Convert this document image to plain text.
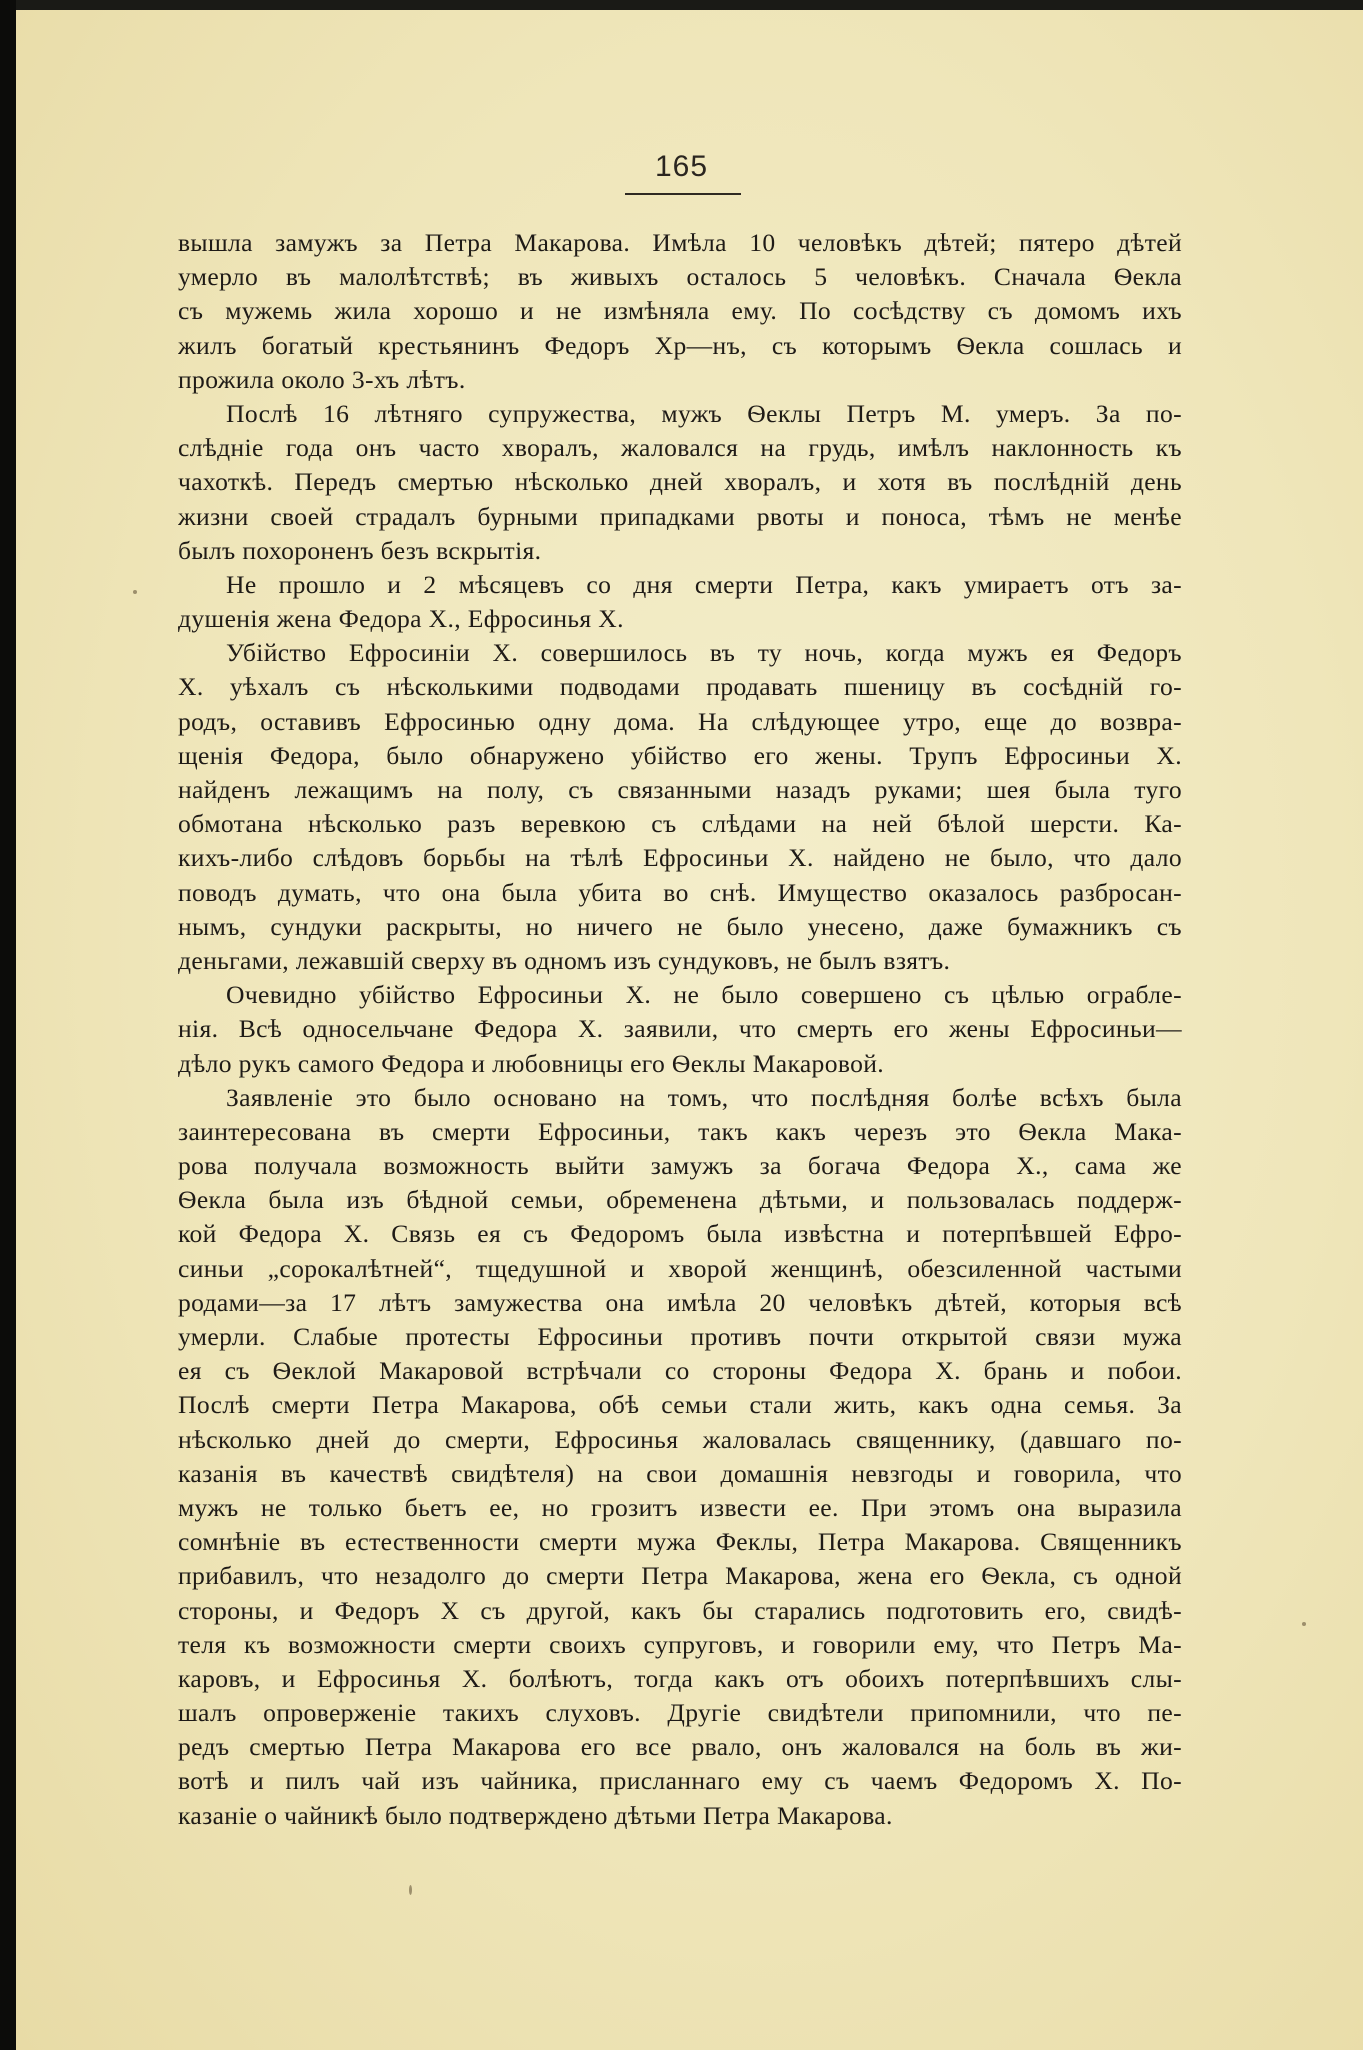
165
вышла замужъ за Петра Макарова. Имѣла 10 человѣкъ дѣтей; пятеро дѣтей
умерло въ малолѣтствѣ; въ живыхъ осталось 5 человѣкъ. Сначала Ѳекла
съ мужемь жила хорошо и не измѣняла ему. По сосѣдству съ домомъ ихъ
жилъ богатый крестьянинъ Федоръ Хр—нъ, съ которымъ Ѳекла сошлась и
прожила около 3-хъ лѣтъ.
Послѣ 16 лѣтняго супружества, мужъ Ѳеклы Петръ М. умеръ. За по-
слѣдніе года онъ часто хворалъ, жаловался на грудь, имѣлъ наклонность къ
чахоткѣ. Передъ смертью нѣсколько дней хворалъ, и хотя въ послѣдній день
жизни своей страдалъ бурными припадками рвоты и поноса, тѣмъ не менѣе
былъ похороненъ безъ вскрытія.
Не прошло и 2 мѣсяцевъ со дня смерти Петра, какъ умираетъ отъ за-
душенія жена Федора Х., Ефросинья Х.
Убійство Ефросиніи Х. совершилось въ ту ночь, когда мужъ ея Федоръ
Х. уѣхалъ съ нѣсколькими подводами продавать пшеницу въ сосѣдній го-
родъ, оставивъ Ефросинью одну дома. На слѣдующее утро, еще до возвра-
щенія Федора, было обнаружено убійство его жены. Трупъ Ефросиньи Х.
найденъ лежащимъ на полу, съ связанными назадъ руками; шея была туго
обмотана нѣсколько разъ веревкою съ слѣдами на ней бѣлой шерсти. Ка-
кихъ-либо слѣдовъ борьбы на тѣлѣ Ефросиньи Х. найдено не было, что дало
поводъ думать, что она была убита во снѣ. Имущество оказалось разбросан-
нымъ, сундуки раскрыты, но ничего не было унесено, даже бумажникъ съ
деньгами, лежавшій сверху въ одномъ изъ сундуковъ, не былъ взятъ.
Очевидно убійство Ефросиньи Х. не было совершено съ цѣлью ограбле-
нія. Всѣ односельчане Федора Х. заявили, что смерть его жены Ефросиньи—
дѣло рукъ самого Федора и любовницы его Ѳеклы Макаровой.
Заявленіе это было основано на томъ, что послѣдняя болѣе всѣхъ была
заинтересована въ смерти Ефросиньи, такъ какъ черезъ это Ѳекла Мака-
рова получала возможность выйти замужъ за богача Федора Х., сама же
Ѳекла была изъ бѣдной семьи, обременена дѣтьми, и пользовалась поддерж-
кой Федора Х. Связь ея съ Федоромъ была извѣстна и потерпѣвшей Ефро-
синьи „сорокалѣтней“, тщедушной и хворой женщинѣ, обезсиленной частыми
родами—за 17 лѣтъ замужества она имѣла 20 человѣкъ дѣтей, которыя всѣ
умерли. Слабые протесты Ефросиньи противъ почти открытой связи мужа
ея съ Ѳеклой Макаровой встрѣчали со стороны Федора Х. брань и побои.
Послѣ смерти Петра Макарова, обѣ семьи стали жить, какъ одна семья. За
нѣсколько дней до смерти, Ефросинья жаловалась священнику, (давшаго по-
казанія въ качествѣ свидѣтеля) на свои домашнія невзгоды и говорила, что
мужъ не только бьетъ ее, но грозитъ извести ее. При этомъ она выразила
сомнѣніе въ естественности смерти мужа Феклы, Петра Макарова. Священникъ
прибавилъ, что незадолго до смерти Петра Макарова, жена его Ѳекла, съ одной
стороны, и Федоръ Х съ другой, какъ бы старались подготовить его, свидѣ-
теля къ возможности смерти своихъ супруговъ, и говорили ему, что Петръ Ма-
каровъ, и Ефросинья Х. болѣютъ, тогда какъ отъ обоихъ потерпѣвшихъ слы-
шалъ опроверженіе такихъ слуховъ. Другіе свидѣтели припомнили, что пе-
редъ смертью Петра Макарова его все рвало, онъ жаловался на боль въ жи-
вотѣ и пилъ чай изъ чайника, присланнаго ему съ чаемъ Федоромъ Х. По-
казаніе о чайникѣ было подтверждено дѣтьми Петра Макарова.
